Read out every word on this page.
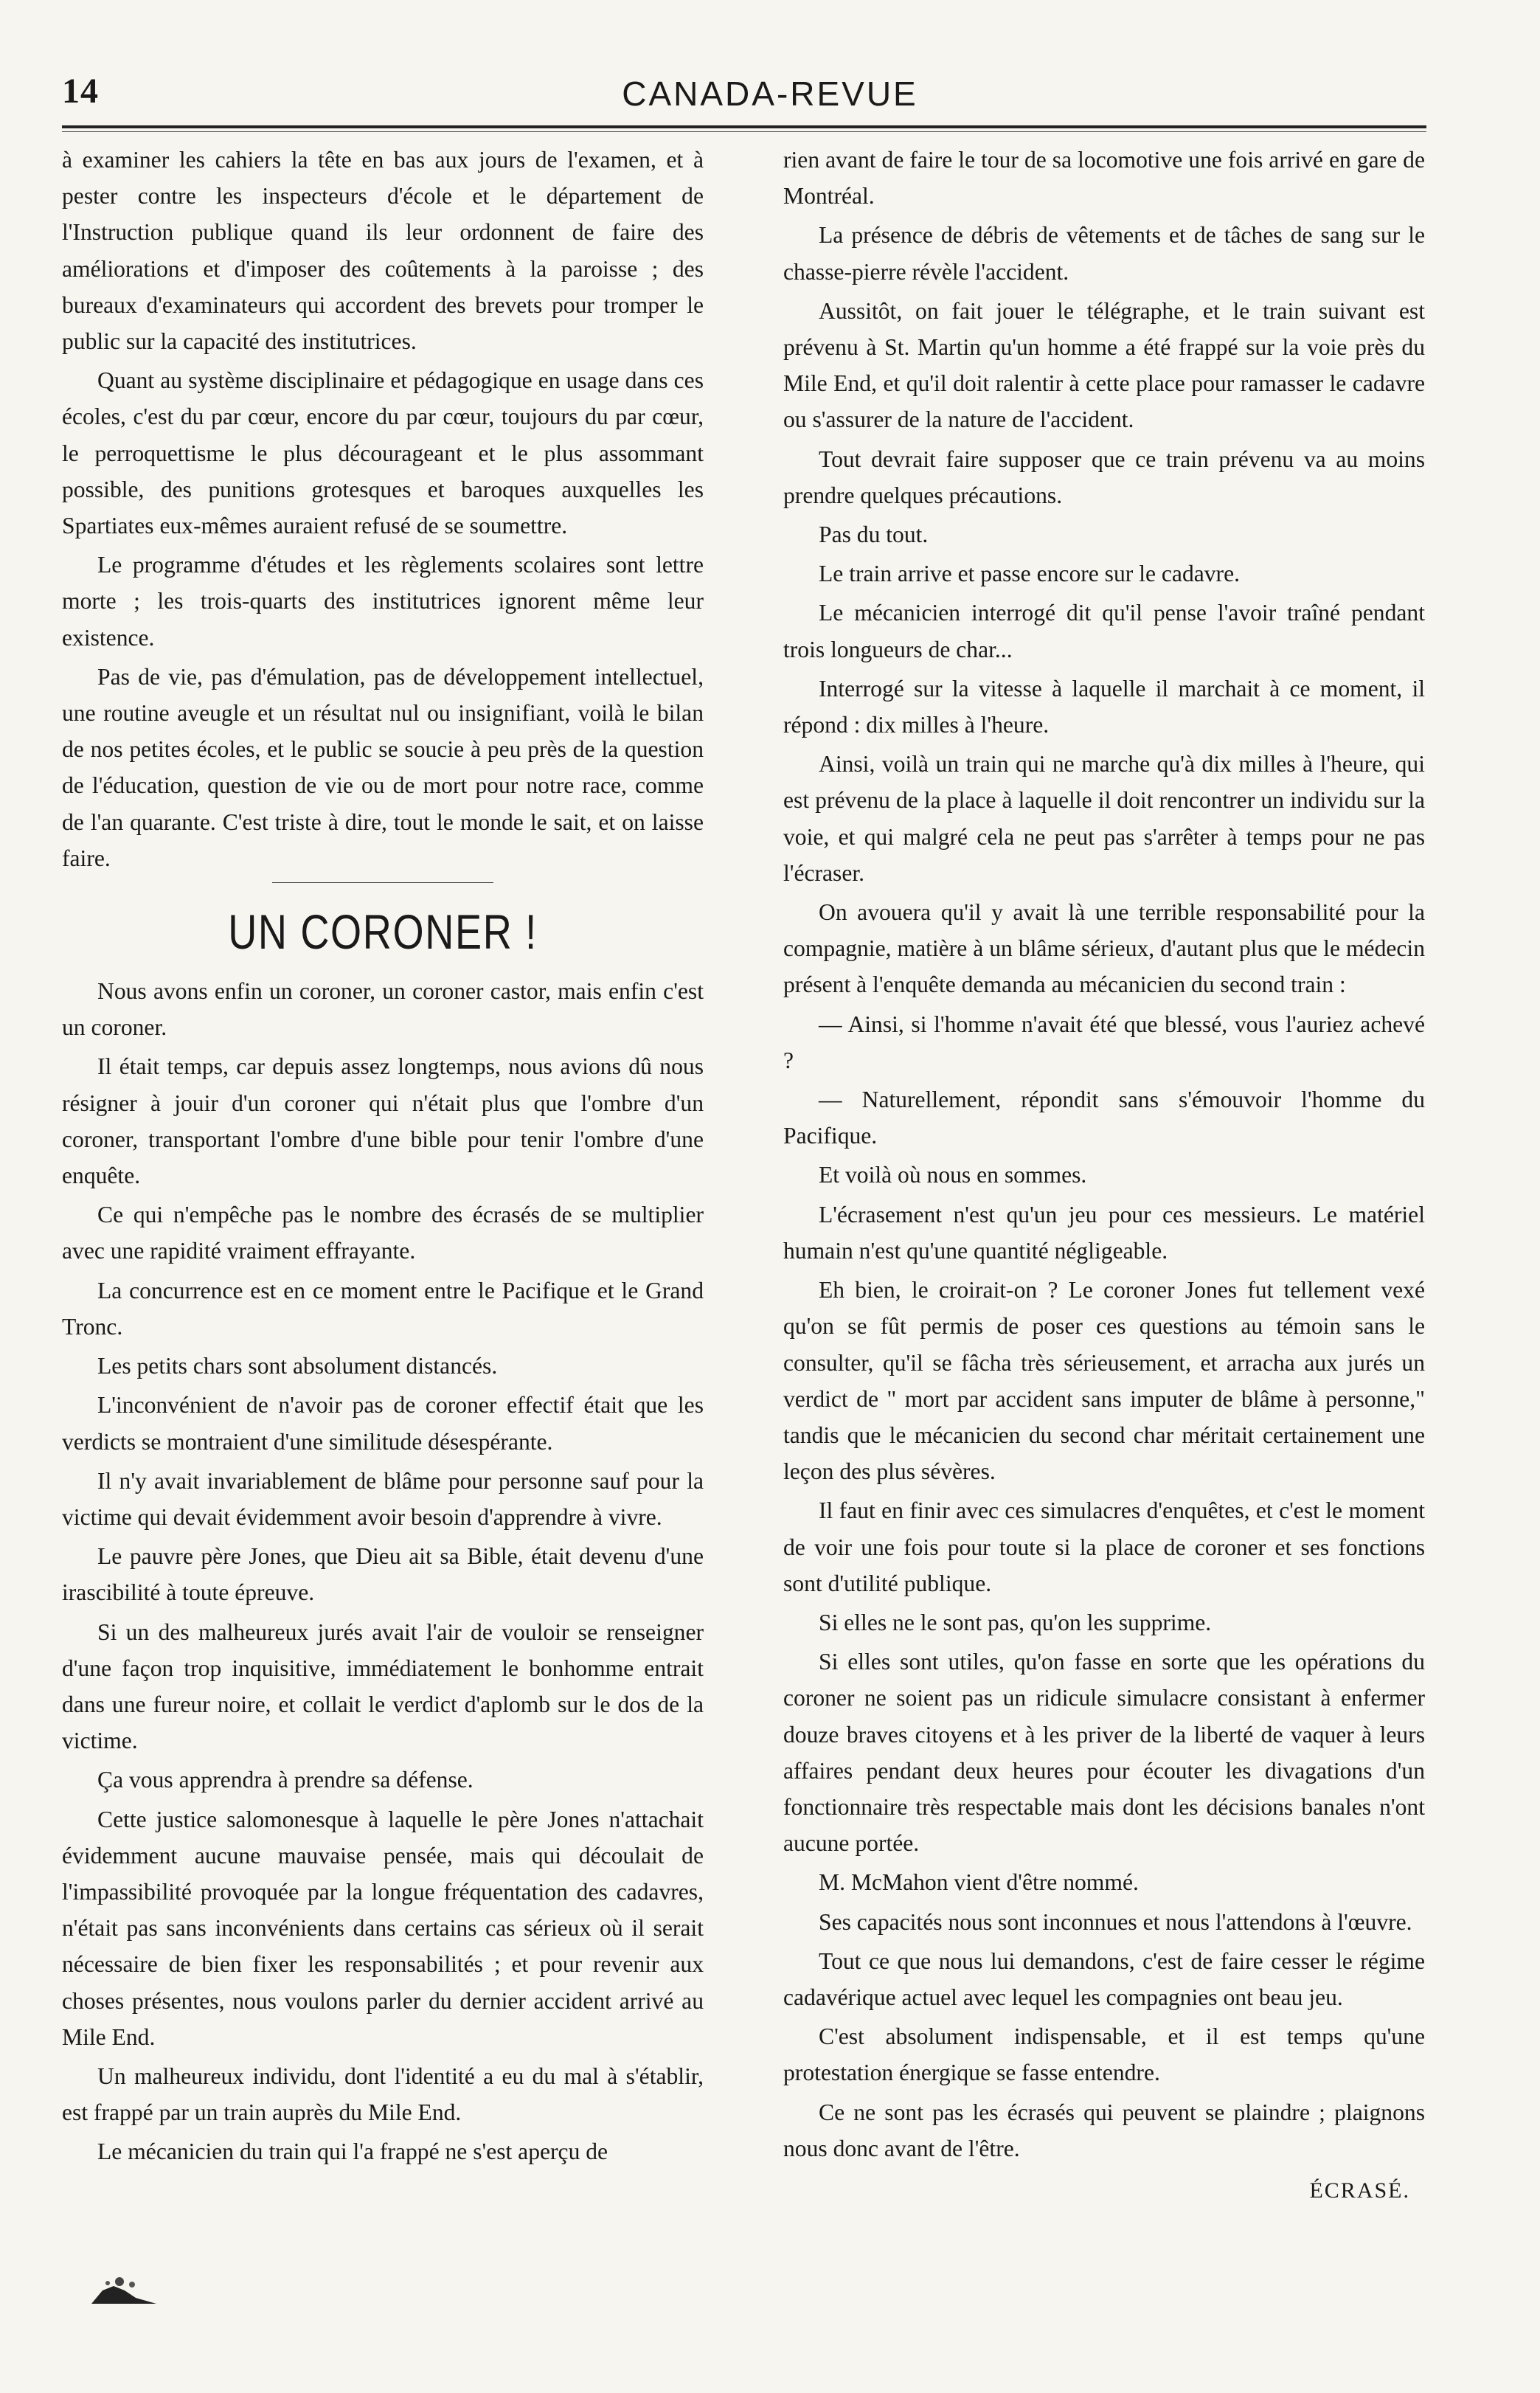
14	CANADA-REVUE

à examiner les cahiers la tête en bas aux jours de l'examen, et à pester contre les inspecteurs d'école et le département de l'Instruction publique quand ils leur ordonnent de faire des améliorations et d'imposer des coûtements à la paroisse ; des bureaux d'examinateurs qui accordent des brevets pour tromper le public sur la capacité des institutrices.

Quant au système disciplinaire et pédagogique en usage dans ces écoles, c'est du par cœur, encore du par cœur, toujours du par cœur, le perroquettisme le plus décourageant et le plus assommant possible, des punitions grotesques et baroques auxquelles les Spartiates eux-mêmes auraient refusé de se soumettre.

Le programme d'études et les règlements scolaires sont lettre morte ; les trois-quarts des institutrices ignorent même leur existence.

Pas de vie, pas d'émulation, pas de développement intellectuel, une routine aveugle et un résultat nul ou insignifiant, voilà le bilan de nos petites écoles, et le public se soucie à peu près de la question de l'éducation, question de vie ou de mort pour notre race, comme de l'an quarante. C'est triste à dire, tout le monde le sait, et on laisse faire.

UN CORONER !

Nous avons enfin un coroner, un coroner castor, mais enfin c'est un coroner.

Il était temps, car depuis assez longtemps, nous avions dû nous résigner à jouir d'un coroner qui n'était plus que l'ombre d'un coroner, transportant l'ombre d'une bible pour tenir l'ombre d'une enquête.

Ce qui n'empêche pas le nombre des écrasés de se multiplier avec une rapidité vraiment effrayante.

La concurrence est en ce moment entre le Pacifique et le Grand Tronc.

Les petits chars sont absolument distancés.

L'inconvénient de n'avoir pas de coroner effectif était que les verdicts se montraient d'une similitude désespérante.

Il n'y avait invariablement de blâme pour personne sauf pour la victime qui devait évidemment avoir besoin d'apprendre à vivre.

Le pauvre père Jones, que Dieu ait sa Bible, était devenu d'une irascibilité à toute épreuve.

Si un des malheureux jurés avait l'air de vouloir se renseigner d'une façon trop inquisitive, immédiatement le bonhomme entrait dans une fureur noire, et collait le verdict d'aplomb sur le dos de la victime.

Ça vous apprendra à prendre sa défense.

Cette justice salomonesque à laquelle le père Jones n'attachait évidemment aucune mauvaise pensée, mais qui découlait de l'impassibilité provoquée par la longue fréquentation des cadavres, n'était pas sans inconvénients dans certains cas sérieux où il serait nécessaire de bien fixer les responsabilités ; et pour revenir aux choses présentes, nous voulons parler du dernier accident arrivé au Mile End.

Un malheureux individu, dont l'identité a eu du mal à s'établir, est frappé par un train auprès du Mile End.

Le mécanicien du train qui l'a frappé ne s'est aperçu de

rien avant de faire le tour de sa locomotive une fois arrivé en gare de Montréal.

La présence de débris de vêtements et de tâches de sang sur le chasse-pierre révèle l'accident.

Aussitôt, on fait jouer le télégraphe, et le train suivant est prévenu à St. Martin qu'un homme a été frappé sur la voie près du Mile End, et qu'il doit ralentir à cette place pour ramasser le cadavre ou s'assurer de la nature de l'accident.

Tout devrait faire supposer que ce train prévenu va au moins prendre quelques précautions.

Pas du tout.

Le train arrive et passe encore sur le cadavre.

Le mécanicien interrogé dit qu'il pense l'avoir traîné pendant trois longueurs de char...

Interrogé sur la vitesse à laquelle il marchait à ce moment, il répond : dix milles à l'heure.

Ainsi, voilà un train qui ne marche qu'à dix milles à l'heure, qui est prévenu de la place à laquelle il doit rencontrer un individu sur la voie, et qui malgré cela ne peut pas s'arrêter à temps pour ne pas l'écraser.

On avouera qu'il y avait là une terrible responsabilité pour la compagnie, matière à un blâme sérieux, d'autant plus que le médecin présent à l'enquête demanda au mécanicien du second train :

— Ainsi, si l'homme n'avait été que blessé, vous l'auriez achevé ?

— Naturellement, répondit sans s'émouvoir l'homme du Pacifique.

Et voilà où nous en sommes.

L'écrasement n'est qu'un jeu pour ces messieurs. Le matériel humain n'est qu'une quantité négligeable.

Eh bien, le croirait-on ? Le coroner Jones fut tellement vexé qu'on se fût permis de poser ces questions au témoin sans le consulter, qu'il se fâcha très sérieusement, et arracha aux jurés un verdict de " mort par accident sans imputer de blâme à personne," tandis que le mécanicien du second char méritait certainement une leçon des plus sévères.

Il faut en finir avec ces simulacres d'enquêtes, et c'est le moment de voir une fois pour toute si la place de coroner et ses fonctions sont d'utilité publique.

Si elles ne le sont pas, qu'on les supprime.

Si elles sont utiles, qu'on fasse en sorte que les opérations du coroner ne soient pas un ridicule simulacre consistant à enfermer douze braves citoyens et à les priver de la liberté de vaquer à leurs affaires pendant deux heures pour écouter les divagations d'un fonctionnaire très respectable mais dont les décisions banales n'ont aucune portée.

M. McMahon vient d'être nommé.

Ses capacités nous sont inconnues et nous l'attendons à l'œuvre.

Tout ce que nous lui demandons, c'est de faire cesser le régime cadavérique actuel avec lequel les compagnies ont beau jeu.

C'est absolument indispensable, et il est temps qu'une protestation énergique se fasse entendre.

Ce ne sont pas les écrasés qui peuvent se plaindre ; plaignons nous donc avant de l'être.

ÉCRASÉ.
